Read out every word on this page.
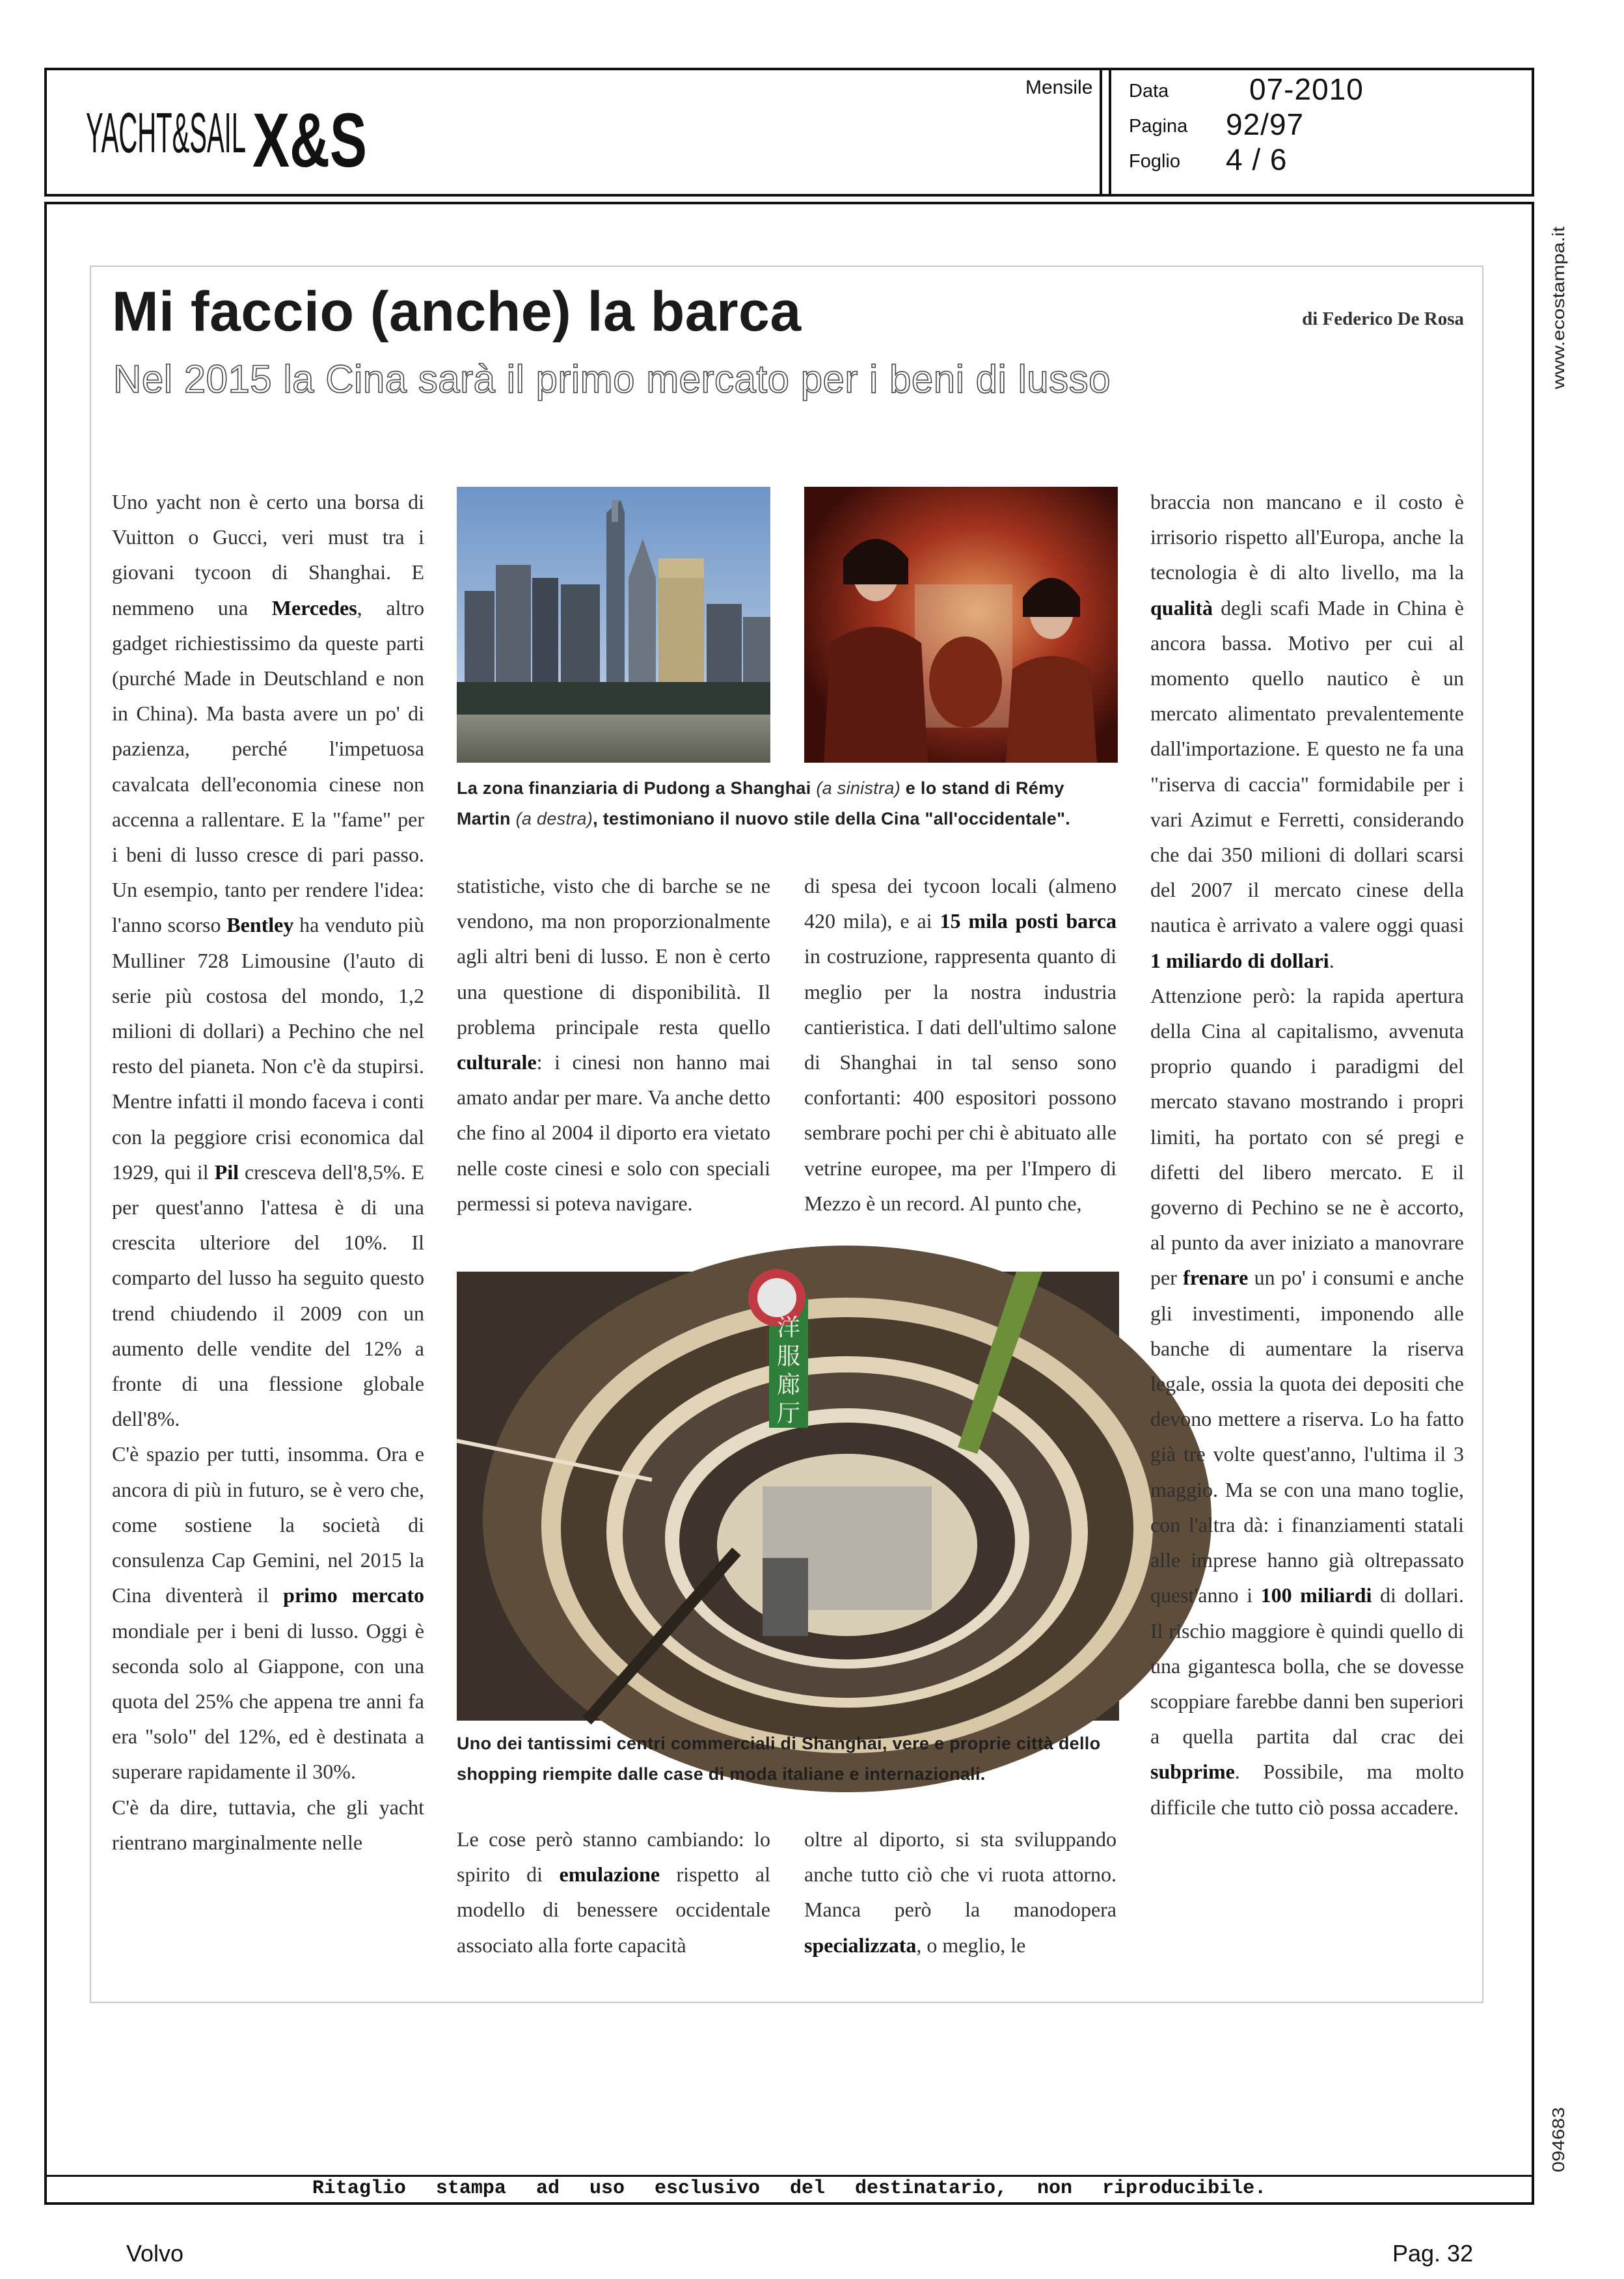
YACHT&SAIL X&S
Mensile Data	07-2010
Pagina 92/97
Foglio 4 / 6
www.ecostampa.it
094683
Mi faccio (anche) la barca
Nel 2015 la Cina sarà il primo mercato per i beni di lusso
di Federico De Rosa
Uno yacht non è certo una borsa di Vuitton o Gucci, veri must tra i giovani tycoon di Shanghai. E nemmeno una Mercedes, altro gadget richiestissimo da queste parti (purché Made in Deutschland e non in China). Ma basta avere un po' di pazienza, perché l'impetuosa cavalcata dell'economia cinese non accenna a rallentare. E la "fame" per i beni di lusso cresce di pari passo. Un esempio, tanto per rendere l'idea: l'anno scorso Bentley ha venduto più Mulliner 728 Limousine (l'auto di serie più costosa del mondo, 1,2 milioni di dollari) a Pechino che nel resto del pianeta. Non c'è da stupirsi. Mentre infatti il mondo faceva i conti con la peggiore crisi economica dal 1929, qui il Pil cresceva dell'8,5%. E per quest'anno l'attesa è di una crescita ulteriore del 10%. Il comparto del lusso ha seguito questo trend chiudendo il 2009 con un aumento delle vendite del 12% a fronte di una flessione globale dell'8%.
C'è spazio per tutti, insomma. Ora e ancora di più in futuro, se è vero che, come sostiene la società di consulenza Cap Gemini, nel 2015 la Cina diventerà il primo mercato mondiale per i beni di lusso. Oggi è seconda solo al Giappone, con una quota del 25% che appena tre anni fa era "solo" del 12%, ed è destinata a superare rapidamente il 30%.
C'è da dire, tuttavia, che gli yacht rientrano marginalmente nelle
La zona finanziaria di Pudong a Shanghai (a sinistra) e lo stand di Rémy Martin (a destra), testimoniano il nuovo stile della Cina "all'occidentale".
statistiche, visto che di barche se ne vendono, ma non proporzionalmente agli altri beni di lusso. E non è certo una questione di disponibilità. Il problema principale resta quello culturale: i cinesi non hanno mai amato andar per mare. Va anche detto che fino al 2004 il diporto era vietato nelle coste cinesi e solo con speciali permessi si poteva navigare.
di spesa dei tycoon locali (almeno 420 mila), e ai 15 mila posti barca in costruzione, rappresenta quanto di meglio per la nostra industria cantieristica. I dati dell'ultimo salone di Shanghai in tal senso sono confortanti: 400 espositori possono sembrare pochi per chi è abituato alle vetrine europee, ma per l'Impero di Mezzo è un record. Al punto che,
洋
服
廊
厅
Uno dei tantissimi centri commerciali di Shanghai, vere e proprie città dello shopping riempite dalle case di moda italiane e internazionali.
Le cose però stanno cambiando: lo spirito di emulazione rispetto al modello di benessere occidentale associato alla forte capacità
oltre al diporto, si sta sviluppando anche tutto ciò che vi ruota attorno. Manca però la manodopera specializzata, o meglio, le
braccia non mancano e il costo è irrisorio rispetto all'Europa, anche la tecnologia è di alto livello, ma la qualità degli scafi Made in China è ancora bassa. Motivo per cui al momento quello nautico è un mercato alimentato prevalentemente dall'importazione. E questo ne fa una "riserva di caccia" formidabile per i vari Azimut e Ferretti, considerando che dai 350 milioni di dollari scarsi del 2007 il mercato cinese della nautica è arrivato a valere oggi quasi 1 miliardo di dollari.
Attenzione però: la rapida apertura della Cina al capitalismo, avvenuta proprio quando i paradigmi del mercato stavano mostrando i propri limiti, ha portato con sé pregi e difetti del libero mercato. E il governo di Pechino se ne è accorto, al punto da aver iniziato a manovrare per frenare un po' i consumi e anche gli investimenti, imponendo alle banche di aumentare la riserva legale, ossia la quota dei depositi che devono mettere a riserva. Lo ha fatto già tre volte quest'anno, l'ultima il 3 maggio. Ma se con una mano toglie, con l'altra dà: i finanziamenti statali alle imprese hanno già oltrepassato quest'anno i 100 miliardi di dollari. Il rischio maggiore è quindi quello di una gigantesca bolla, che se dovesse scoppiare farebbe danni ben superiori a quella partita dal crac dei subprime. Possibile, ma molto difficile che tutto ciò possa accadere.
Ritaglio stampa ad uso esclusivo del destinatario, non riproducibile.
Volvo	Pag. 32
